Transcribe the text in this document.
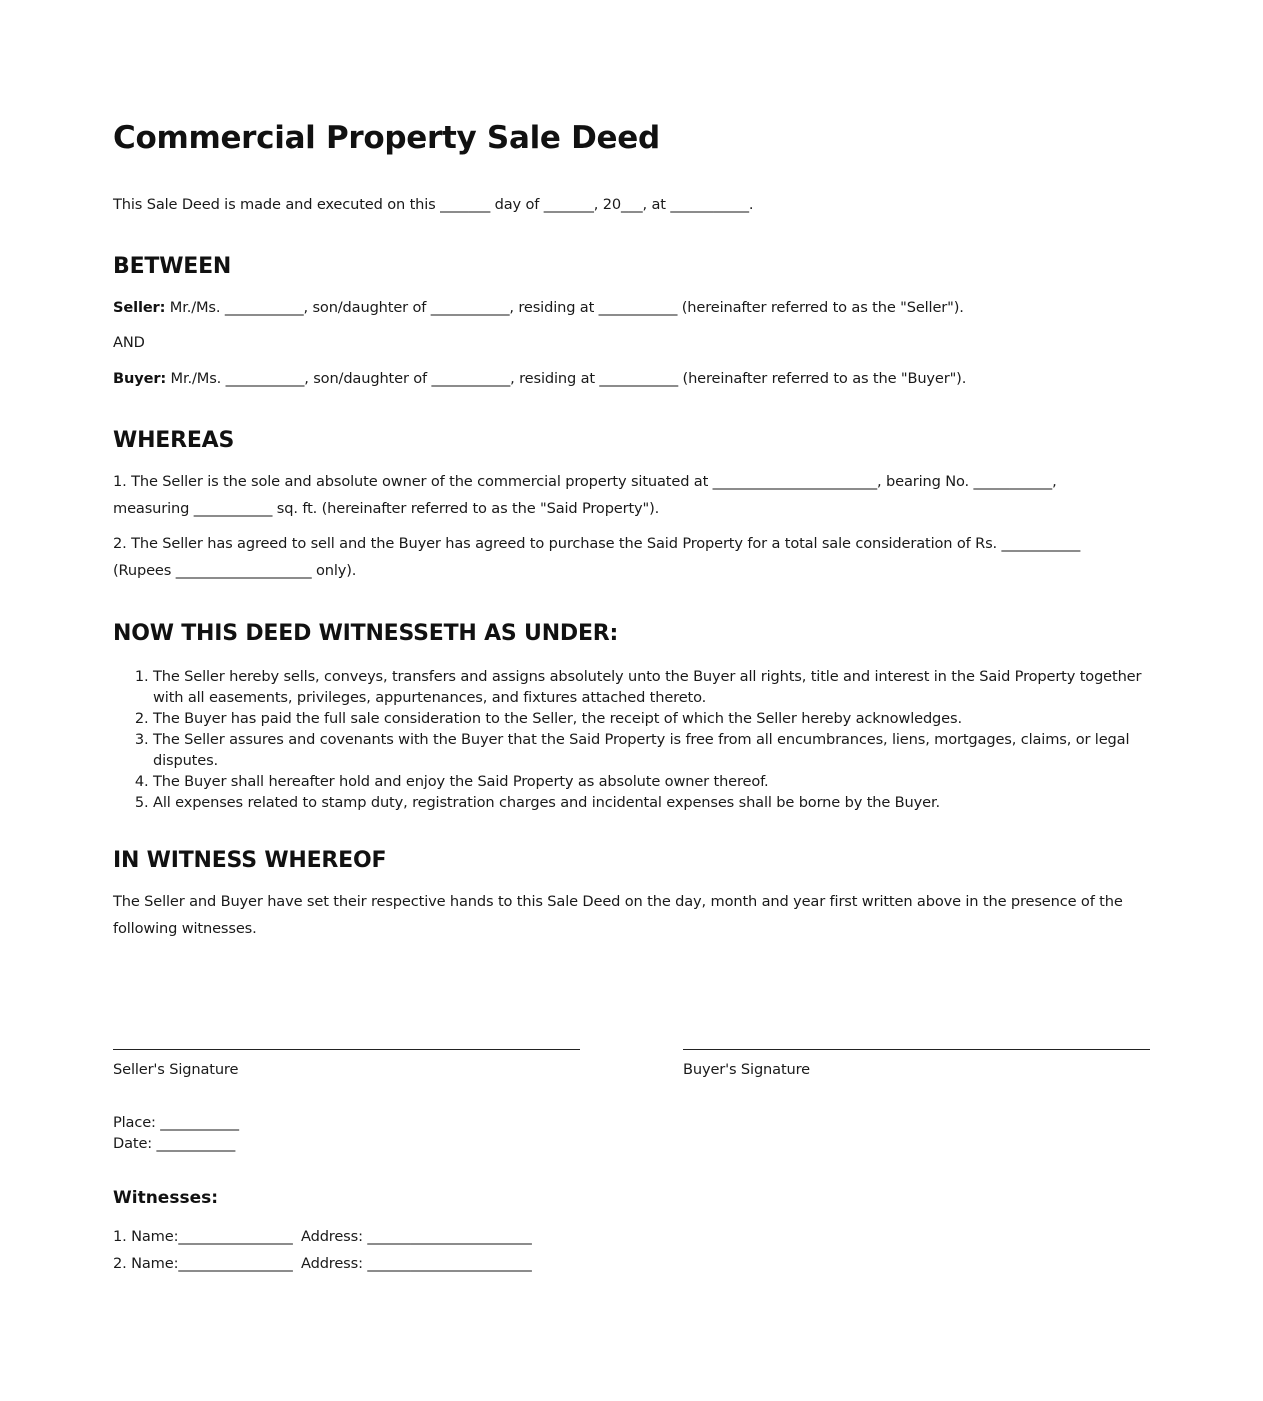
Commercial Property Sale Deed

This Sale Deed is made and executed on this _______ day of _______, 20___, at ___________.

BETWEEN

Seller: Mr./Ms. ___________, son/daughter of ___________, residing at ___________ (hereinafter referred to as the "Seller").

AND

Buyer: Mr./Ms. ___________, son/daughter of ___________, residing at ___________ (hereinafter referred to as the "Buyer").

WHEREAS

1. The Seller is the sole and absolute owner of the commercial property situated at _______________________, bearing No. ___________, measuring ___________ sq. ft. (hereinafter referred to as the "Said Property").

2. The Seller has agreed to sell and the Buyer has agreed to purchase the Said Property for a total sale consideration of Rs. ___________ (Rupees ___________________ only).

NOW THIS DEED WITNESSETH AS UNDER:
1. The Seller hereby sells, conveys, transfers and assigns absolutely unto the Buyer all rights, title and interest in the Said Property together with all easements, privileges, appurtenances, and fixtures attached thereto.
2. The Buyer has paid the full sale consideration to the Seller, the receipt of which the Seller hereby acknowledges.
3. The Seller assures and covenants with the Buyer that the Said Property is free from all encumbrances, liens, mortgages, claims, or legal disputes.
4. The Buyer shall hereafter hold and enjoy the Said Property as absolute owner thereof.
5. All expenses related to stamp duty, registration charges and incidental expenses shall be borne by the Buyer.
IN WITNESS WHEREOF

The Seller and Buyer have set their respective hands to this Sale Deed on the day, month and year first written above in the presence of the following witnesses.

Seller's Signature	Buyer's Signature

Place: ___________

Date: ___________

Witnesses:

1. Name:________________ Address: _______________________

2. Name:________________ Address: _______________________
